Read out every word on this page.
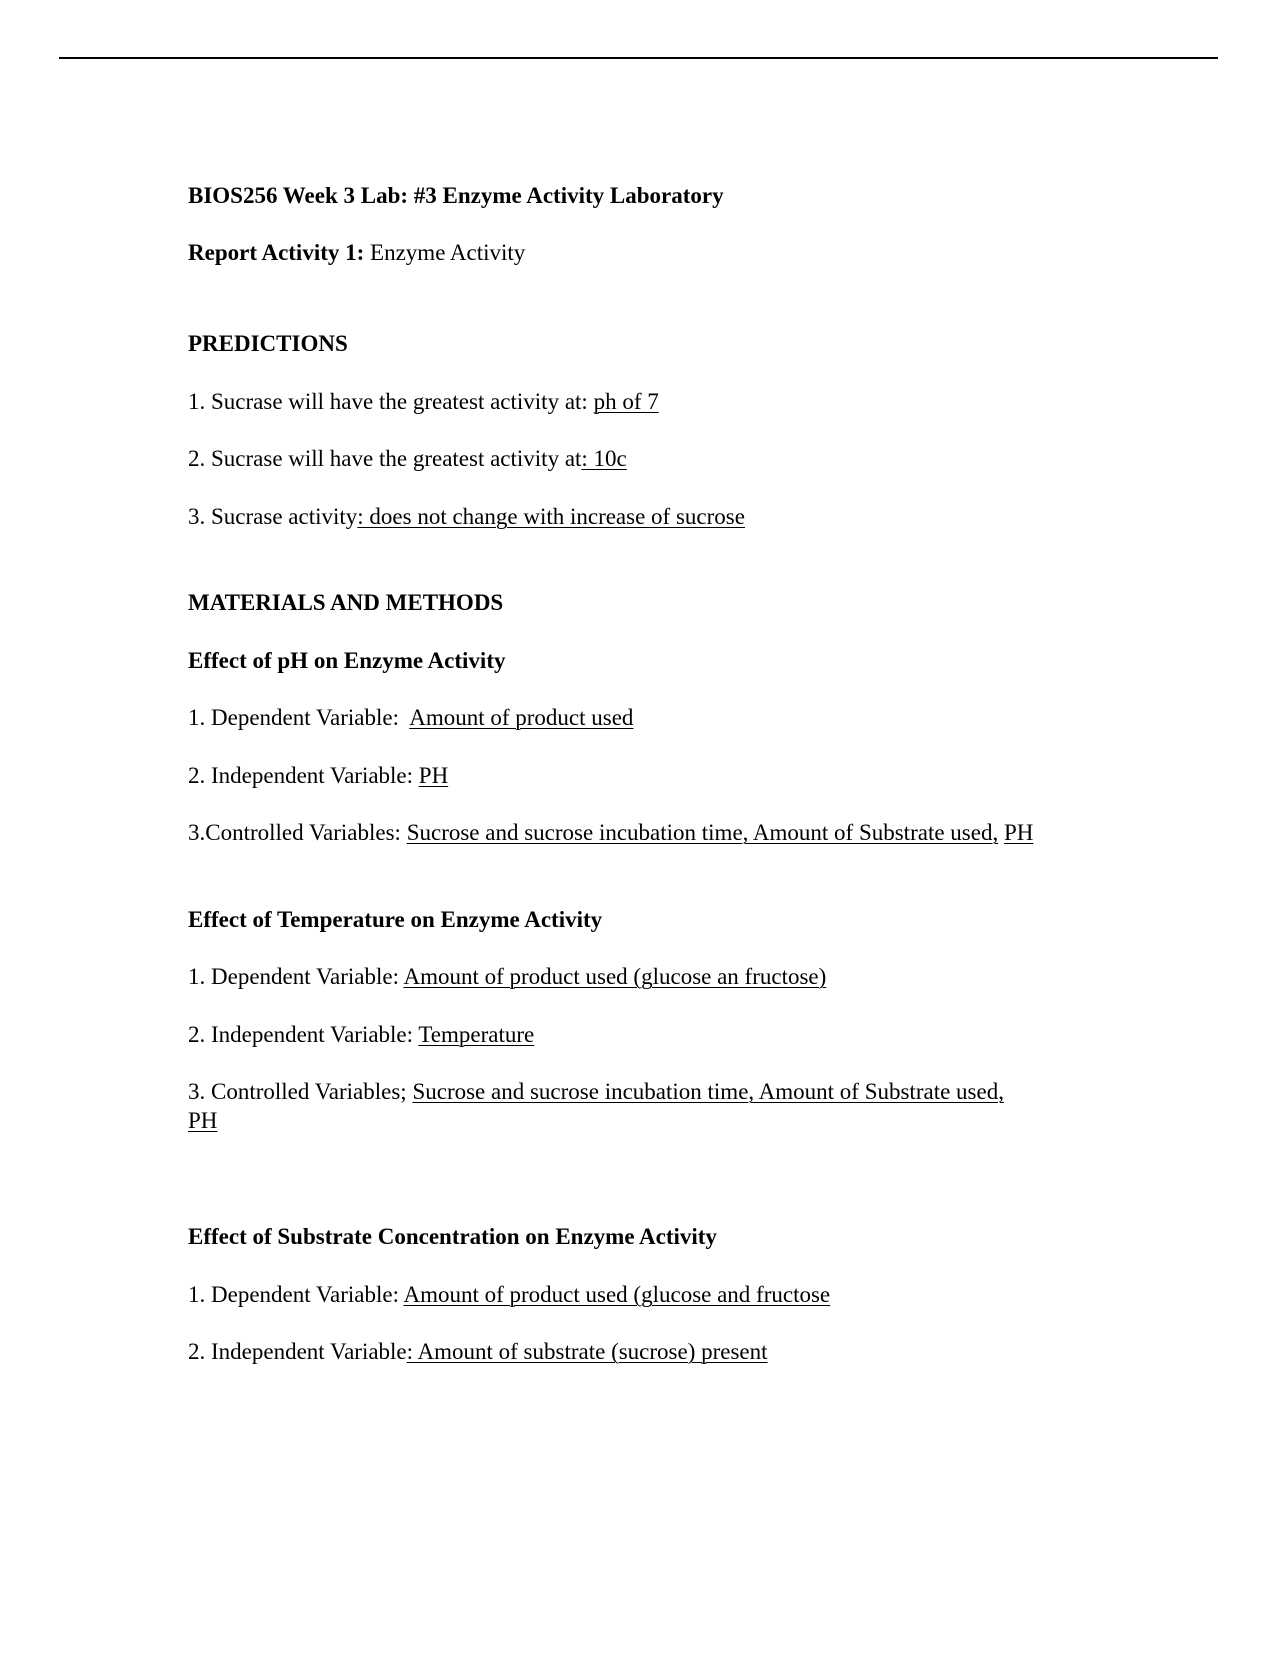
BIOS256 Week 3 Lab: #3 Enzyme Activity Laboratory
Report Activity 1: Enzyme Activity
PREDICTIONS
1. Sucrase will have the greatest activity at: ph of 7
2. Sucrase will have the greatest activity at: 10c
3. Sucrase activity: does not change with increase of sucrose
MATERIALS AND METHODS
Effect of pH on Enzyme Activity
1. Dependent Variable:  Amount of product used
2. Independent Variable: PH
3.Controlled Variables: Sucrose and sucrose incubation time, Amount of Substrate used, PH
Effect of Temperature on Enzyme Activity
1. Dependent Variable: Amount of product used (glucose an fructose)
2. Independent Variable: Temperature
3. Controlled Variables; Sucrose and sucrose incubation time, Amount of Substrate used, PH
Effect of Substrate Concentration on Enzyme Activity
1. Dependent Variable: Amount of product used (glucose and fructose
2. Independent Variable: Amount of substrate (sucrose) present
